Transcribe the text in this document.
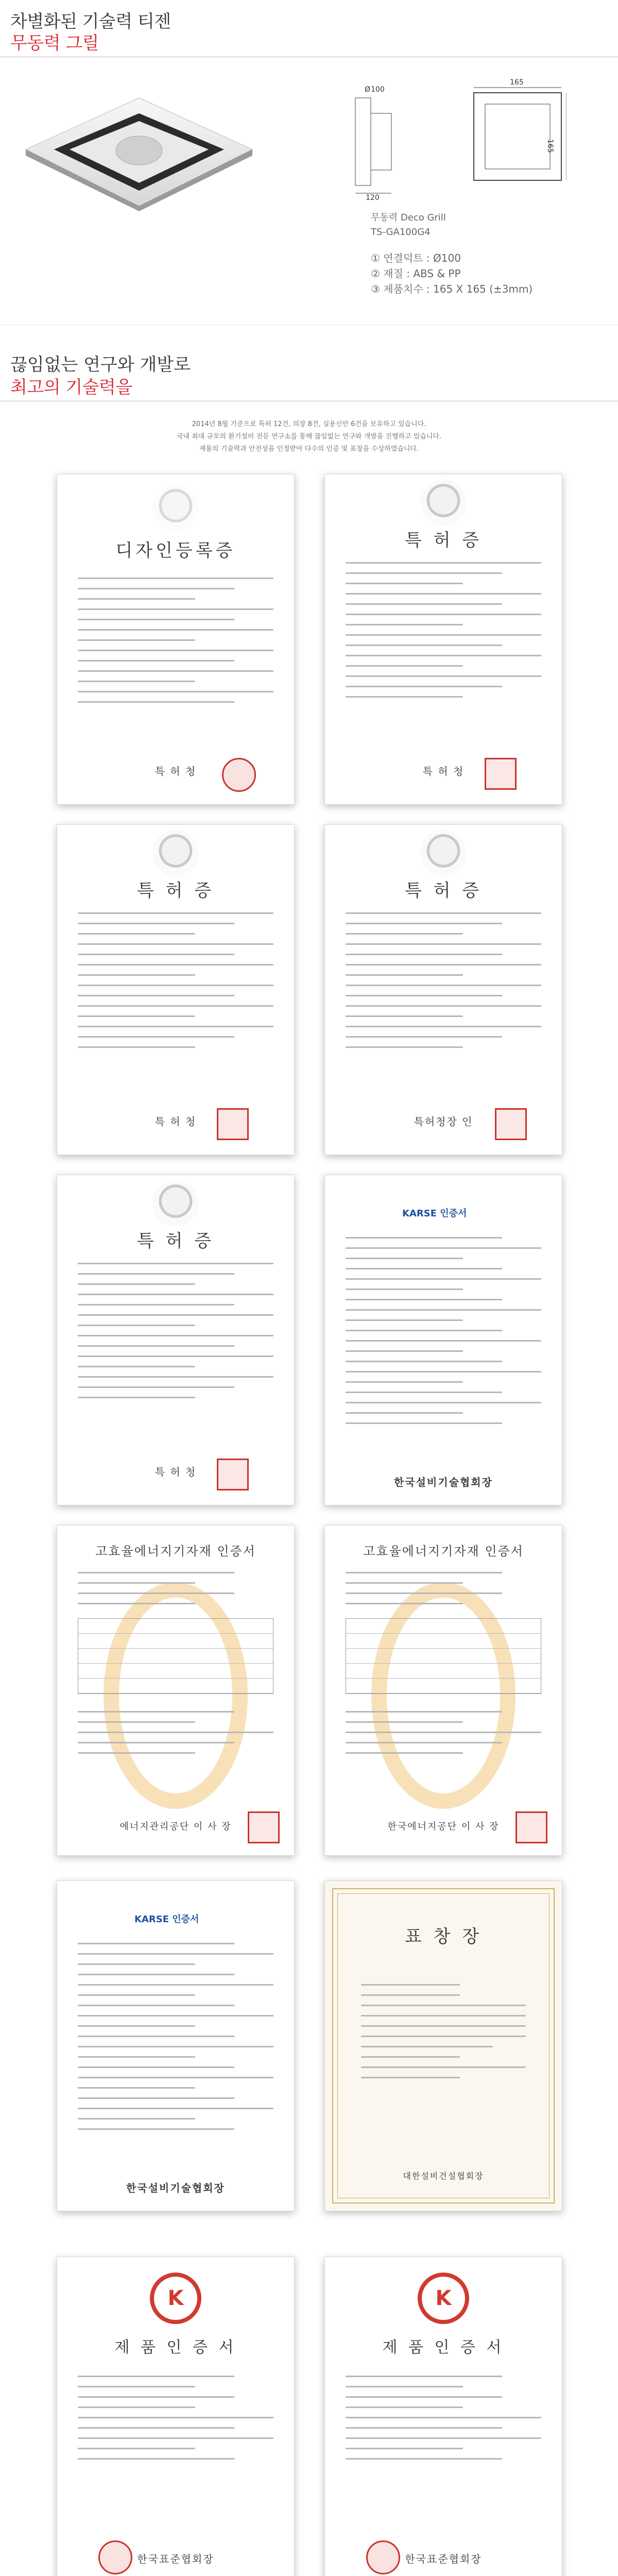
차별화된 기술력 티젠
무동력 그릴
Ø 100
165
165
120
무동력 Deco Grill
TS-GA100G4
① 연결덕트 : Ø100
② 재질 : ABS & PP
③ 제품치수 : 165 X 165 (±3mm)
끊임없는 연구와 개발로
최고의 기술력을
2014년 8월 기준으로 특허 12건, 의장 8건, 실용신안 6건을 보유하고 있습니다.
국내 최대 규모의 환기설비 전문 연구소를 통해 끊임없는 연구와 개발을 진행하고 있습니다.
제품의 기술력과 안전성을 인정받아 다수의 인증 및 표창을 수상하였습니다.
디자인등록증
특 허 청
특 허 증
특 허 청
특 허 증
특 허 청
특 허 증
특허청장 인
특 허 증
특 허 청
KARSE 인증서
한국설비기술협회장
고효율에너지기자재 인증서
에너지관리공단 이 사 장
고효율에너지기자재 인증서
한국에너지공단 이 사 장
KARSE 인증서
한국설비기술협회장
표 창 장
대한설비건설협회장
K
제 품 인 증 서
한국표준협회장
K
제 품 인 증 서
한국표준협회장
